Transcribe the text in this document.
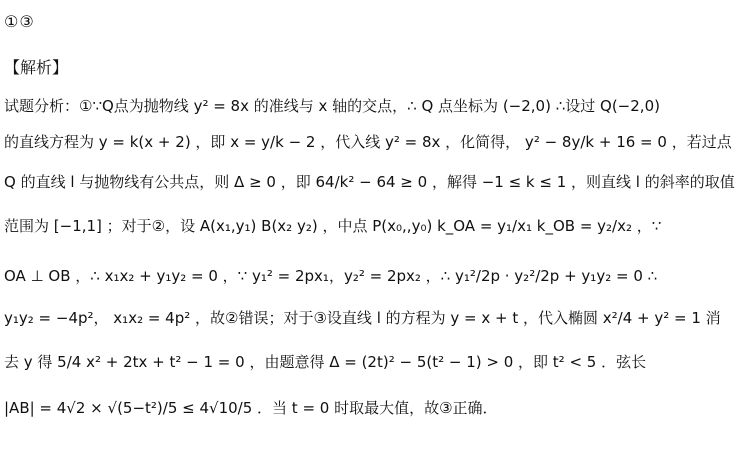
①③
【解析】
试题分析：①∵Q点为抛物线 y² = 8x 的准线与 x 轴的交点，∴ Q 点坐标为 (−2,0) ∴设过 Q(−2,0)
的直线方程为 y = k(x + 2) ，即 x = y/k − 2 ，代入线 y² = 8x ，化简得， y² − 8y/k + 16 = 0 ，若过点
Q 的直线 l 与抛物线有公共点，则 Δ ≥ 0 ，即 64/k² − 64 ≥ 0 ，解得 −1 ≤ k ≤ 1 ，则直线 l 的斜率的取值
范围为 [−1,1] ；对于②，设 A(x₁,y₁) B(x₂ y₂) ，中点 P(x₀,,y₀) k_OA = y₁/x₁ k_OB = y₂/x₂ ，∵
OA ⊥ OB ，∴ x₁x₂ + y₁y₂ = 0 ，∵ y₁² = 2px₁，y₂² = 2px₂ ，∴ y₁²/2p · y₂²/2p + y₁y₂ = 0 ∴
y₁y₂ = −4p²， x₁x₂ = 4p² ，故②错误；对于③设直线 l 的方程为 y = x + t ，代入椭圆 x²/4 + y² = 1 消
去 y 得 5/4 x² + 2tx + t² − 1 = 0 ，由题意得 Δ = (2t)² − 5(t² − 1) > 0 ，即 t² < 5 ．弦长
|AB| = 4√2 × √(5−t²)/5 ≤ 4√10/5 ．当 t = 0 时取最大值，故③正确．
